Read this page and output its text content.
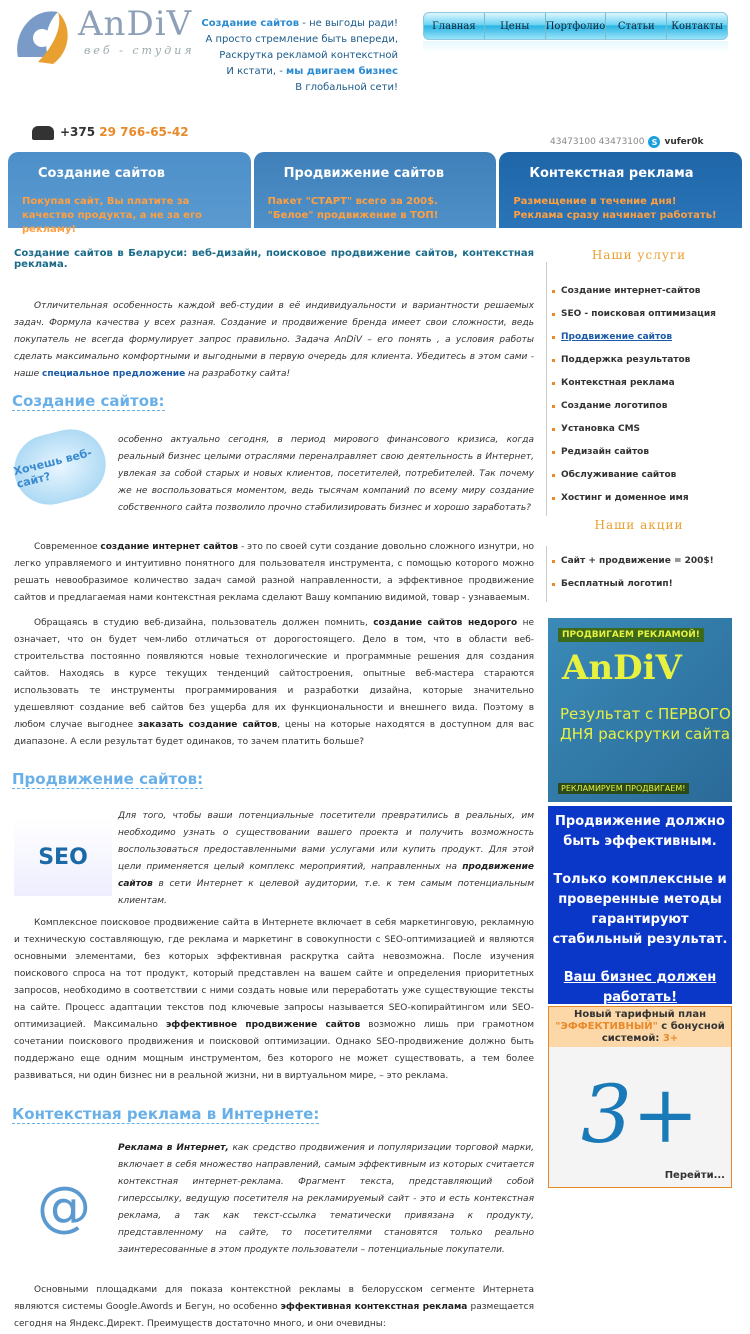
AnDiV
веб - студия
Создание сайтов - не выгоды ради!
А просто стремление быть впереди,
Раскрутка рекламой контекстной
И кстати, - мы двигаем бизнес
В глобальной сети!
Главная	Цены	Портфолио	Статьи	Контакты
+375 29 766-65-42
43473100 43473100 S vufer0k
Создание сайтов

Покупая сайт, Вы платите за качество продукта, а не за его рекламу!

Продвижение сайтов

Пакет "СТАРТ" всего за 200$. "Белое" продвижение в ТОП!

Контекстная реклама

Размещение в течение дня! Реклама сразу начинает работать!

Создание сайтов в Беларуси: веб-дизайн, поисковое продвижение сайтов, контекстная реклама.

Отличительная особенность каждой веб-студии в её индивидуальности и вариантности решаемых задач. Формула качества у всех разная. Создание и продвижение бренда имеет свои сложности, ведь покупатель не всегда формулирует запрос правильно. Задача AnDiV – его понять , а условия работы сделать максимально комфортными и выгодными в первую очередь для клиента. Убедитесь в этом сами - наше специальное предложение на разработку сайта!

Создание сайтов:
Хочешь веб-сайт?

особенно актуально сегодня, в период мирового финансового кризиса, когда реальный бизнес целыми отраслями переналравляет свою деятельность в Интернет, увлекая за собой старых и новых клиентов, посетителей, потребителей. Так почему же не воспользоваться моментом, ведь тысячам компаний по всему миру создание собственного сайта позволило прочно стабилизировать бизнес и хорошо заработать?

Современное создание интернет сайтов - это по своей сути создание довольно сложного изнутри, но легко управляемого и интуитивно понятного для пользователя инструмента, с помощью которого можно решать невообразимое количество задач самой разной направленности, а эффективное продвижение сайтов и предлагаемая нами контекстная реклама сделают Вашу компанию видимой, товар - узнаваемым.

Обращаясь в студию веб-дизайна, пользователь должен помнить, создание сайтов недорого не означает, что он будет чем-либо отличаться от дорогостоящего. Дело в том, что в области веб-строительства постоянно появляются новые технологические и программные решения для создания сайтов. Находясь в курсе текущих тенденций сайтостроения, опытные веб-мастера стараются использовать те инструменты программирования и разработки дизайна, которые значительно удешевляют создание веб сайтов без ущерба для их функциональности и внешнего вида. Поэтому в любом случае выгоднее заказать создание сайтов, цены на которые находятся в доступном для вас диапазоне. А если результат будет одинаков, то зачем платить больше?

Продвижение сайтов:
SEO

Для того, чтобы ваши потенциальные посетители превратились в реальных, им необходимо узнать о существовании вашего проекта и получить возможность воспользоваться предоставленными вами услугами или купить продукт. Для этой цели применяется целый комплекс мероприятий, направленных на продвижение сайтов в сети Интернет к целевой аудитории, т.е. к тем самым потенциальным клиентам.

Комплексное поисковое продвижение сайта в Интернете включает в себя маркетинговую, рекламную и техническую составляющую, где реклама и маркетинг в совокупности с SEO-оптимизацией и являются основными элементами, без которых эффективная раскрутка сайта невозможна. После изучения поискового спроса на тот продукт, который представлен на вашем сайте и определения приоритетных запросов, необходимо в соответствии с ними создать новые или переработать уже существующие тексты на сайте. Процесс адаптации текстов под ключевые запросы называется SEO-копирайтингом или SEO-оптимизацией. Максимально эффективное продвижение сайтов возможно лишь при грамотном сочетании поискового продвижения и поисковой оптимизации. Однако SEO-продвижение должно быть поддержано еще одним мощным инструментом, без которого не может существовать, а тем более развиваться, ни один бизнес ни в реальной жизни, ни в виртуальном мире, – это реклама.

Контекстная реклама в Интернете:
@

Реклама в Интернет, как средство продвижения и популяризации торговой марки, включает в себя множество направлений, самым эффективным из которых считается контекстная интернет-реклама. Фрагмент текста, представляющий собой гиперссылку, ведущую посетителя на рекламируемый сайт - это и есть контекстная реклама, а так как текст-ссылка тематически привязана к продукту, представленному на сайте, то посетителями становятся только реально заинтересованные в этом продукте пользователи – потенциальные покупатели.

Основными площадками для показа контекстной рекламы в белорусском сегменте Интернета являются системы Google.Awords и Бегун, но особенно эффективная контекстная реклама размещается сегодня на Яндекс.Директ. Преимуществ достаточно много, и они очевидны:

Наши услуги
Создание интернет-сайтов
SEO - поисковая оптимизация
Продвижение сайтов
Поддержка результатов
Контекстная реклама
Создание логотипов
Установка CMS
Редизайн сайтов
Обслуживание сайтов
Хостинг и доменное имя
Наши акции
Сайт + продвижение = 200$!
Бесплатный логотип!
ПРОДВИГАЕМ РЕКЛАМОЙ!
AnDiV
Результат с ПЕРВОГО ДНЯ раскрутки сайта
РЕКЛАМИРУЕМ ПРОДВИГАЕМ!
Продвижение должно быть эффективным.
Только комплексные и проверенные методы гарантируют стабильный результат.
Ваш бизнес должен работать!
Новый тарифный план "ЭФФЕКТИВНЫЙ" с бонусной системой: 3+
3+
Перейти...
